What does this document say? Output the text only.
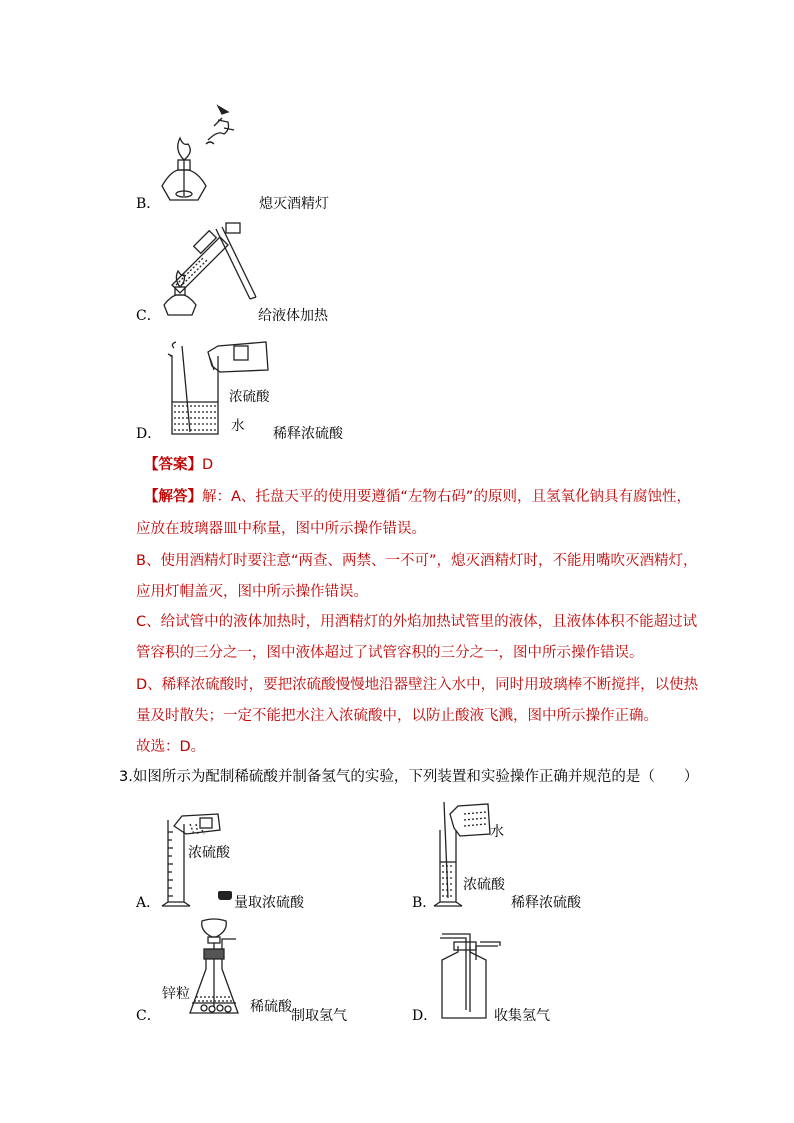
B．	熄灭酒精灯
C．	给液体加热
浓硫酸
水
D．	稀释浓硫酸
【答案】D
【解答】解：A、托盘天平的使用要遵循“左物右码”的原则，且氢氧化钠具有腐蚀性，
应放在玻璃器皿中称量，图中所示操作错误。
B、使用酒精灯时要注意“两查、两禁、一不可”，熄灭酒精灯时，不能用嘴吹灭酒精灯，
应用灯帽盖灭，图中所示操作错误。
C、给试管中的液体加热时，用酒精灯的外焰加热试管里的液体，且液体体积不能超过试
管容积的三分之一，图中液体超过了试管容积的三分之一，图中所示操作错误。
D、稀释浓硫酸时，要把浓硫酸慢慢地沿器壁注入水中，同时用玻璃棒不断搅拌，以使热
量及时散失；一定不能把水注入浓硫酸中，以防止酸液飞溅，图中所示操作正确。
故选：D。
3.如图所示为配制稀硫酸并制备氢气的实验，下列装置和实验操作正确并规范的是（　　）
浓硫酸
A．	量取浓硫酸
水
浓硫酸
B．	稀释浓硫酸
锌粒
稀硫酸
C．	制取氢气	D．	收集氢气
